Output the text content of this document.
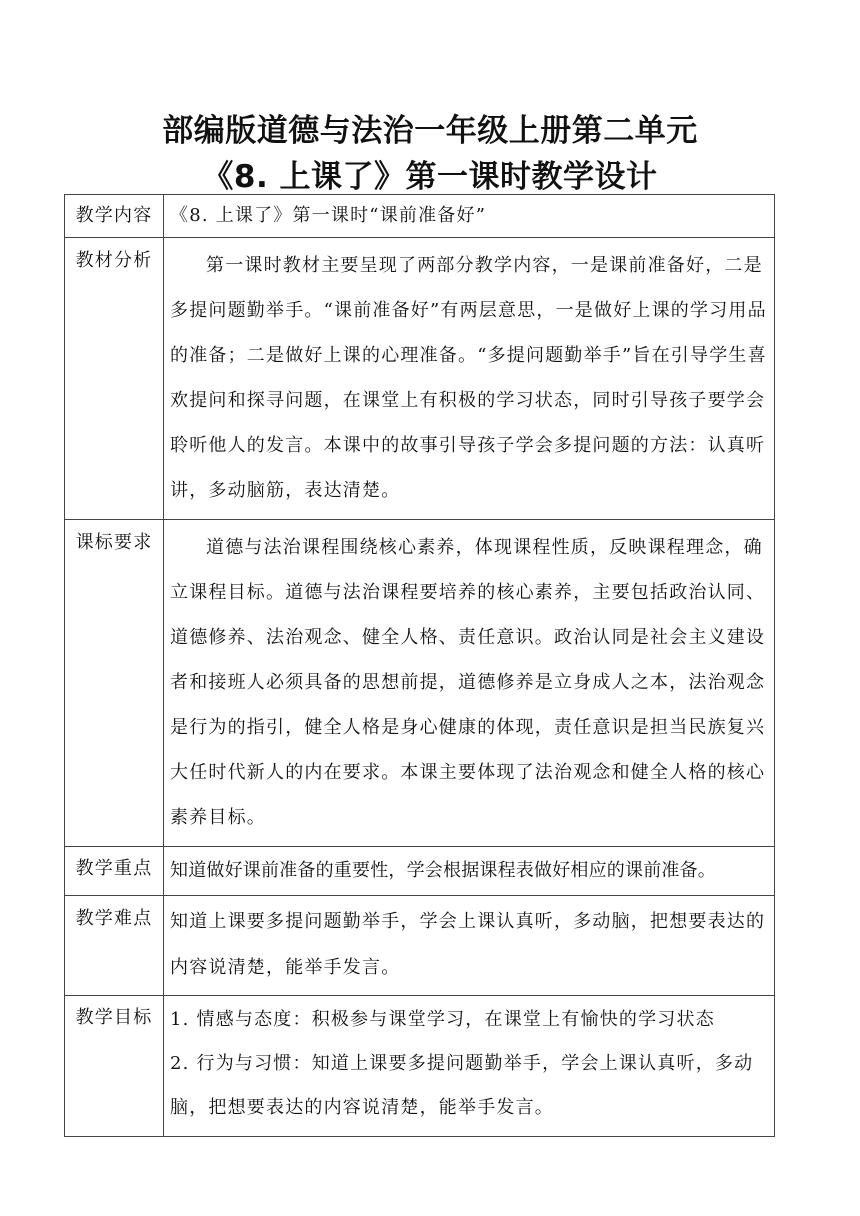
部编版道德与法治一年级上册第二单元
《8. 上课了》第一课时教学设计
教学内容	《8. 上课了》第一课时“课前准备好”
教材分析	第一课时教材主要呈现了两部分教学内容，一是课前准备好，二是多提问题勤举手。“课前准备好”有两层意思，一是做好上课的学习用品的准备；二是做好上课的心理准备。“多提问题勤举手”旨在引导学生喜欢提问和探寻问题，在课堂上有积极的学习状态，同时引导孩子要学会聆听他人的发言。本课中的故事引导孩子学会多提问题的方法：认真听讲，多动脑筋，表达清楚。
课标要求	道德与法治课程围绕核心素养，体现课程性质，反映课程理念，确立课程目标。道德与法治课程要培养的核心素养，主要包括政治认同、道德修养、法治观念、健全人格、责任意识。政治认同是社会主义建设者和接班人必须具备的思想前提，道德修养是立身成人之本，法治观念是行为的指引，健全人格是身心健康的体现，责任意识是担当民族复兴大任时代新人的内在要求。本课主要体现了法治观念和健全人格的核心素养目标。
教学重点	知道做好课前准备的重要性，学会根据课程表做好相应的课前准备。
教学难点	知道上课要多提问题勤举手，学会上课认真听，多动脑，把想要表达的内容说清楚，能举手发言。
教学目标	1. 情感与态度：积极参与课堂学习，在课堂上有愉快的学习状态

2. 行为与习惯：知道上课要多提问题勤举手，学会上课认真听，多动脑，把想要表达的内容说清楚，能举手发言。
